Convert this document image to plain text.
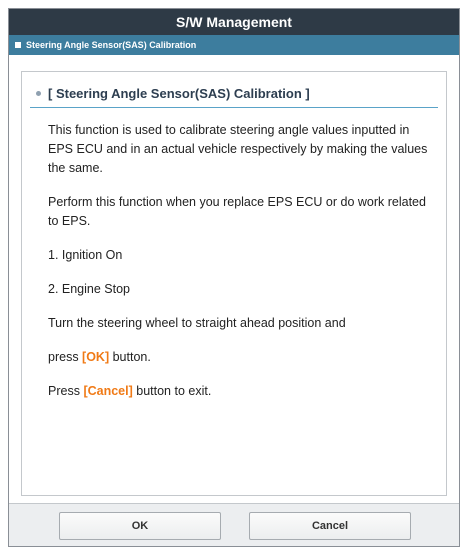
S/W Management
Steering Angle Sensor(SAS) Calibration
[ Steering Angle Sensor(SAS) Calibration ]

This function is used to calibrate steering angle values inputted in EPS ECU and in an actual vehicle respectively by making the values the same.

Perform this function when you replace EPS ECU or do work related to EPS.

1. Ignition On

2. Engine Stop

Turn the steering wheel to straight ahead position and

press [OK] button.

Press [Cancel] button to exit.

OK	Cancel
